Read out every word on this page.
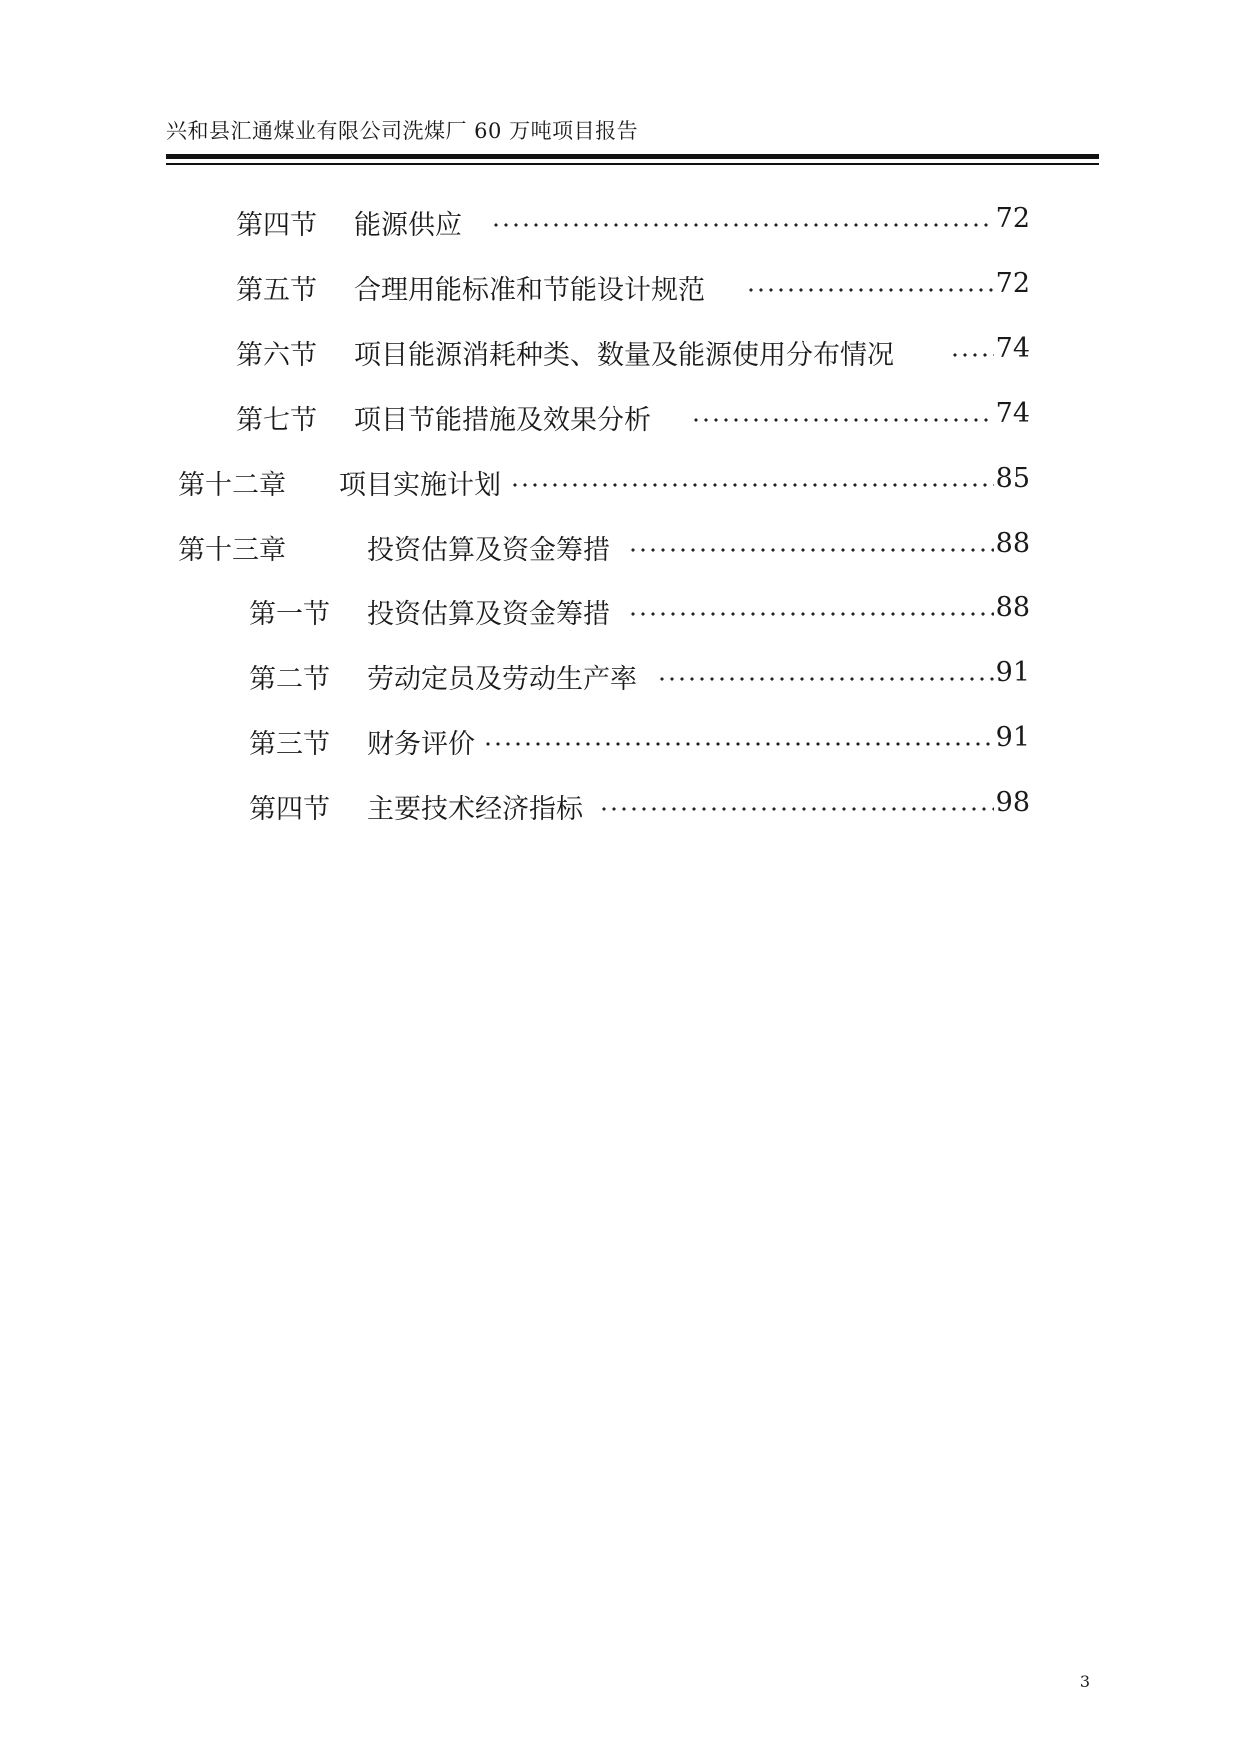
兴和县汇通煤业有限公司洗煤厂 60 万吨项目报告
第四节 能源供应	72
第五节 合理用能标准和节能设计规范	72
第六节 项目能源消耗种类、数量及能源使用分布情况	74
第七节 项目节能措施及效果分析	74
第十二章 项目实施计划	85
第十三章	投资估算及资金筹措	88
第一节 投资估算及资金筹措	88
第二节 劳动定员及劳动生产率	91
第三节 财务评价	91
第四节 主要技术经济指标	98
3
